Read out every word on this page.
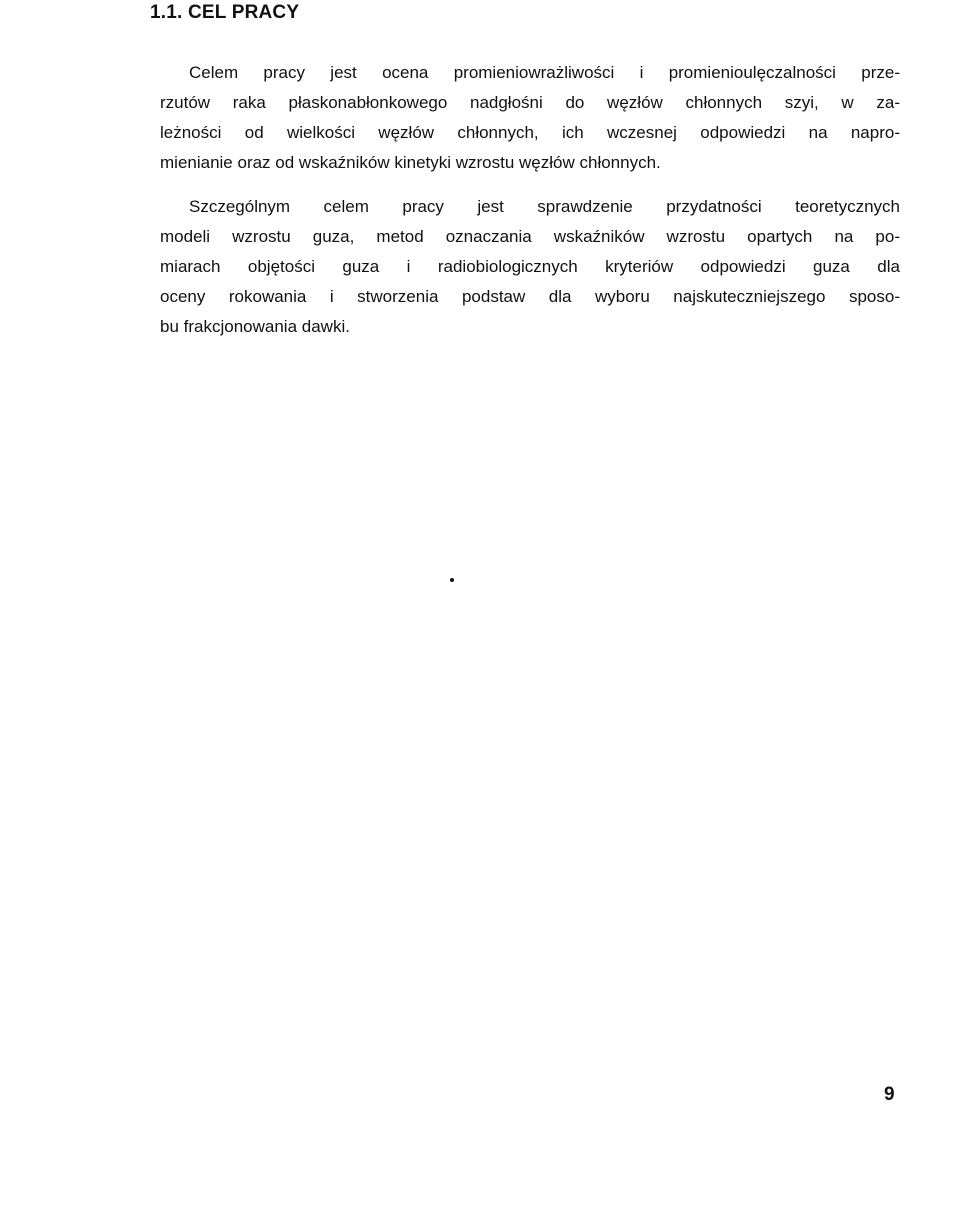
1.1. CEL PRACY
Celem pracy jest ocena promieniowrażliwości i promienioulęczalności prze-
rzutów raka płaskonabłonkowego nadgłośni do węzłów chłonnych szyi, w za-
leżności od wielkości węzłów chłonnych, ich wczesnej odpowiedzi na napro-
mienianie oraz od wskaźników kinetyki wzrostu węzłów chłonnych.
Szczególnym celem pracy jest sprawdzenie przydatności teoretycznych
modeli wzrostu guza, metod oznaczania wskaźników wzrostu opartych na po-
miarach objętości guza i radiobiologicznych kryteriów odpowiedzi guza dla
oceny rokowania i stworzenia podstaw dla wyboru najskuteczniejszego sposo-
bu frakcjonowania dawki.
9
